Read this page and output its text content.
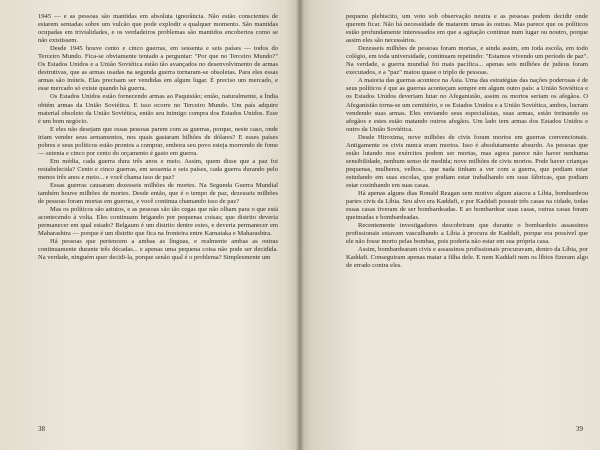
1945 — e as pessoas são mantidas em absoluta ignorância. Não estão conscientes de estarem sentadas sobre um vulcão que pode explodir a qualquer momento. São mantidas ocupadas em trivialidades, e os verdadeiros problemas são mantidos encobertos como se não existissem.

Desde 1945 houve cento e cinco guerras, em sessenta e seis países — todos do Terceiro Mundo. Fica-se obviamente tentado a perguntar: "Por que no Terceiro Mundo?" Os Estados Unidos e a União Soviética estão tão avançados no desenvolvimento de armas destrutivas, que as armas usadas na segunda guerra tornaram-se obsoletas. Para eles essas armas são inúteis. Elas precisam ser vendidas em algum lugar. É preciso um mercado, e esse mercado só existe quando há guerra.

Os Estados Unidos estão fornecendo armas ao Paquistão; então, naturalmente, a Índia obtém armas da União Soviética. E isso ocorre no Terceiro Mundo. Um país adquire material obsoleto da União Soviética, então seu inimigo compra dos Estados Unidos. Esse é um bom negócio.

E eles não desejam que essas pessoas parem com as guerras, porque, neste caso, onde iriam vender seus armamentos, nos quais gastaram bilhões de dólares? E esses países pobres e seus políticos estão prontos a comprar, embora seu povo esteja morrendo de fome — setenta e cinco por cento do orçamento é gasto em guerra.

Em média, cada guerra dura três anos e meio. Assim, quem disse que a paz foi restabelecida? Cento e cinco guerras, em sessenta e seis países, cada guerra durando pelo menos três anos e meio... e você chama isso de paz?

Essas guerras causaram dezesseis milhões de mortes. Na Segunda Guerra Mundial também houve milhões de mortes. Desde então, que é o tempo de paz, dezesseis milhões de pessoas foram mortas em guerras, e você continua chamando isso de paz?

Mas os políticos são astutos, e as pessoas são tão cegas que não olham para o que está acontecendo à volta. Eles continuam brigando por pequenas coisas; que distrito deveria permanecer em qual estado? Belgaum é um distrito dentre estes, e deveria permanecer em Maharashtra — porque é um distrito que fica na fronteira entre Karnataka e Maharashtra.

Há pessoas que pertencem a ambas as línguas, e realmente ambas as outras continuamente durante três décadas... e apenas uma pequena coisa não pode ser decidida. Na verdade, ninguém quer decidi-la, porque senão qual é o problema? Simplesmente um

38

pequeno plebiscito, um voto sob observação neutra e as pessoas podem decidir onde querem ficar. Não há necessidade de matarem umas às outras. Mas parece que os políticos estão profundamente interessados em que a agitação continue num lugar ou noutro, porque assim eles são necessários.

Dezesseis milhões de pessoas foram mortas, e ainda assim, em toda escola, em todo colégio, em toda universidade, continuam repetindo: "Estamos vivendo um período de paz". Na verdade, a guerra mundial foi mais pacífica... apenas seis milhões de judeus foram executados, e a "paz" matou quase o triplo de pessoas.

A maioria das guerras acontece na Ásia. Uma das estratégias das nações poderosas é de seus políticos é que as guerras aconteçam sempre em algum outro país: a União Soviética e os Estados Unidos deveriam lutar no Afeganistão, assim os mortos seriam os afegãos. O Afeganistão torna-se um cemitério, e os Estados Unidos e a União Soviética, ambos, lucram vendendo suas armas. Eles enviando seus especialistas, suas armas, estão treinando os afegãos e estes estão matando outros afegãos. Um lado tem armas dos Estados Unidos e outro da União Soviética.

Desde Hiroxima, nove milhões de civis foram mortos em guerras convencionais. Antigamente os civis nunca eram mortos. Isso é absolutamente absurdo. As pessoas que estão lutando nos exércitos podem ser mortas, mas agora parece não haver nenhuma sensibilidade, nenhum senso de medida; nove milhões de civis mortos. Pode haver crianças pequenas, mulheres, velhos... que nada tinham a ver com a guerra, que podiam estar estudando em suas escolas, que podiam estar trabalhando em suas fábricas, que podiam estar cozinhando em suas casas.

Há apenas alguns dias Ronald Reagan sem motivo algum atacou a Líbia, bombardeou partes civis da Líbia. Seu alvo era Kaddafi, e por Kaddafi possuir três casas na cidade, todas essas casas tiveram de ser bombardeadas. E ao bombardear suas casas, outras casas foram queimadas e bombardeadas.

Recentemente investigadores descobriram que durante o bombardeio assassinos profissionais estavam vasculhando a Líbia à procura de Kaddafi, porque era possível que ele não fosse morto pelas bombas, pois poderia não estar em sua própria casa.

Assim, bombardearam civis e assassinos profissionais procuravam, dentro da Líbia, por Kaddafi. Conseguiram apenas matar a filha dele. E nem Kaddafi nem os líbios fizeram algo de errado contra eles.

39
